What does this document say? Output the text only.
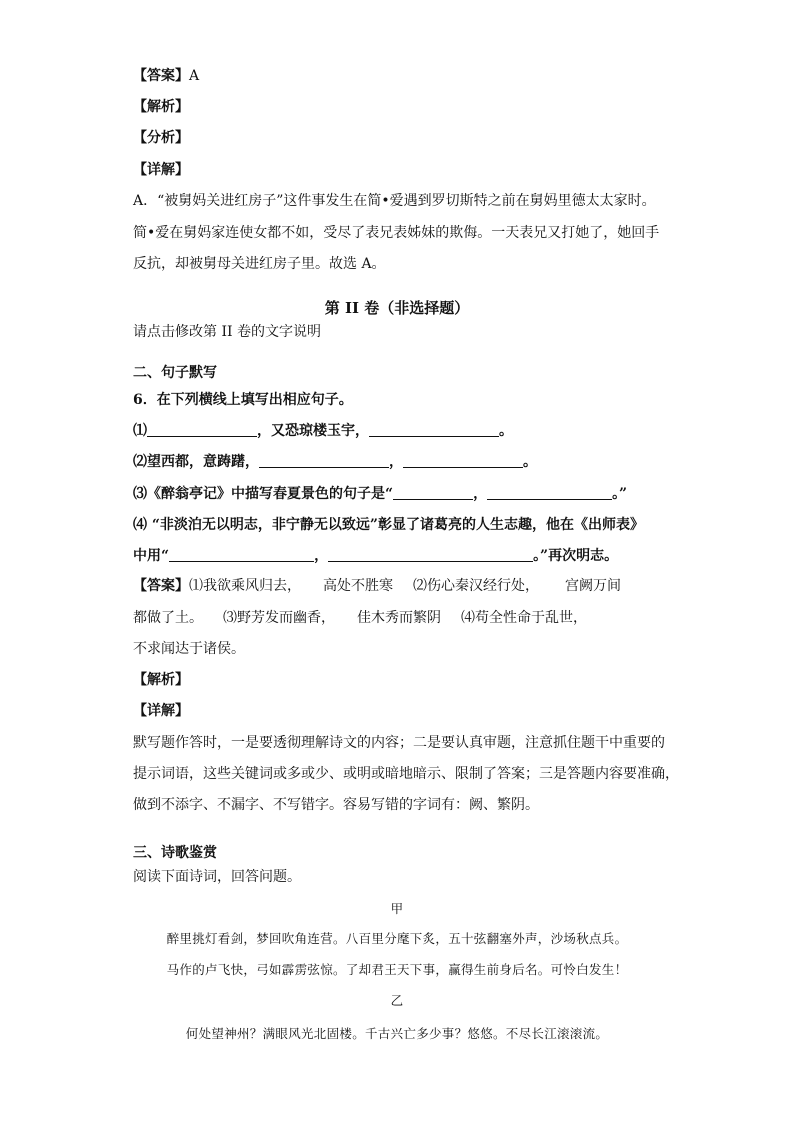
【答案】A
【解析】
【分析】
【详解】
A．“被舅妈关进红房子”这件事发生在简•爱遇到罗切斯特之前在舅妈里德太太家时。
简•爱在舅妈家连使女都不如，受尽了表兄表姊妹的欺侮。一天表兄又打她了，她回手
反抗，却被舅母关进红房子里。故选 A。
第 II 卷（非选择题）
请点击修改第 II 卷的文字说明
二、句子默写
6．在下列横线上填写出相应句子。
⑴	，又恐琼楼玉宇，	。
⑵望西都，意踌躇，	，	。
⑶《醉翁亭记》中描写春夏景色的句子是“	，	。”
⑷ “非淡泊无以明志，非宁静无以致远”彰显了诸葛亮的人生志趣，他在《出师表》
中用“	，	。”再次明志。
【答案】⑴我欲乘风归去， 高处不胜寒 ⑵伤心秦汉经行处， 宫阙万间
都做了土。 ⑶野芳发而幽香， 佳木秀而繁阴 ⑷苟全性命于乱世，
不求闻达于诸侯。
【解析】
【详解】
默写题作答时，一是要透彻理解诗文的内容；二是要认真审题，注意抓住题干中重要的
提示词语，这些关键词或多或少、或明或暗地暗示、限制了答案；三是答题内容要准确，
做到不添字、不漏字、不写错字。容易写错的字词有：阙、繁阴。
三、诗歌鉴赏
阅读下面诗词，回答问题。
甲
醉里挑灯看剑，梦回吹角连营。八百里分麾下炙，五十弦翻塞外声，沙场秋点兵。
马作的卢飞快，弓如霹雳弦惊。了却君王天下事，赢得生前身后名。可怜白发生！
乙
何处望神州？满眼风光北固楼。千古兴亡多少事？悠悠。不尽长江滚滚流。
